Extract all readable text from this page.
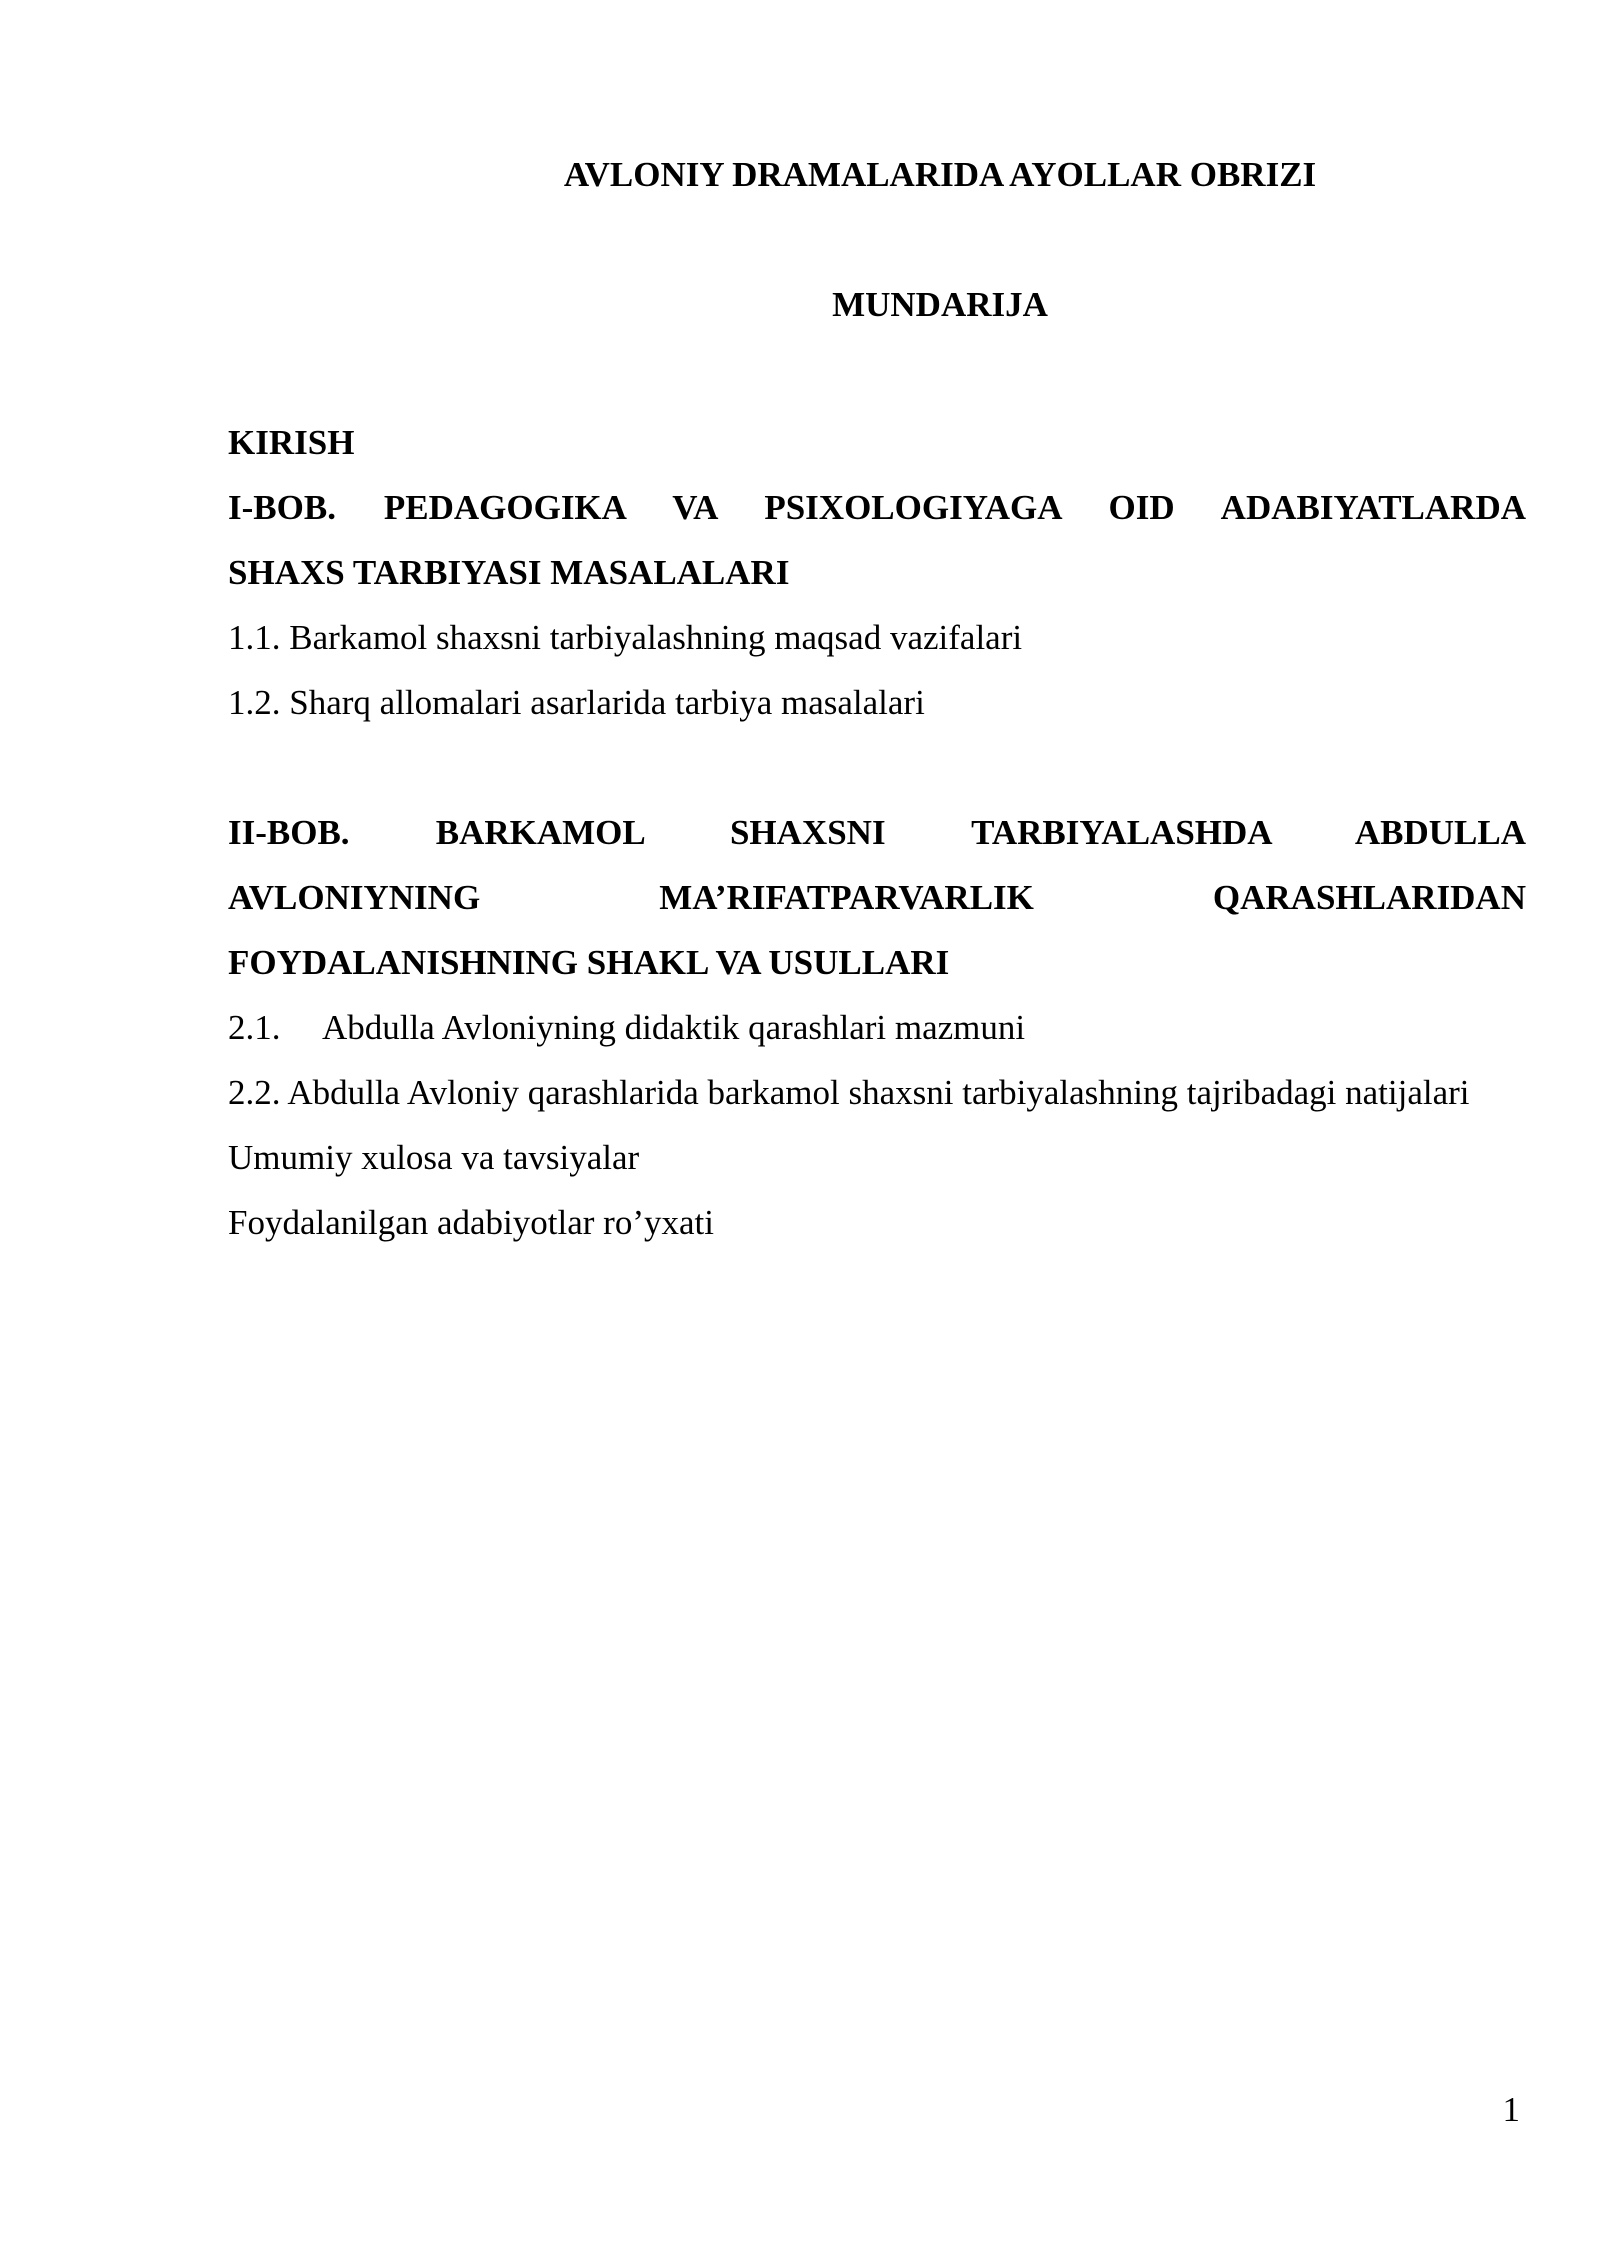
AVLONIY DRAMALARIDA AYOLLAR OBRIZI
MUNDARIJA
KIRISH
I-BOB. PEDAGOGIKA VA PSIXOLOGIYAGA OID ADABIYATLARDA
SHAXS TARBIYASI MASALALARI
1.1. Barkamol shaxsni tarbiyalashning maqsad vazifalari
1.2. Sharq allomalari asarlarida tarbiya masalalari
II-BOB. BARKAMOL SHAXSNI TARBIYALASHDA ABDULLA
AVLONIYNING MA’RIFATPARVARLIK QARASHLARIDAN
FOYDALANISHNING SHAKL VA USULLARI
2.1. Abdulla Avloniyning didaktik qarashlari mazmuni
2.2. Abdulla Avloniy qarashlarida barkamol shaxsni tarbiyalashning tajribadagi natijalari
Umumiy xulosa va tavsiyalar
Foydalanilgan adabiyotlar ro’yxati
1
